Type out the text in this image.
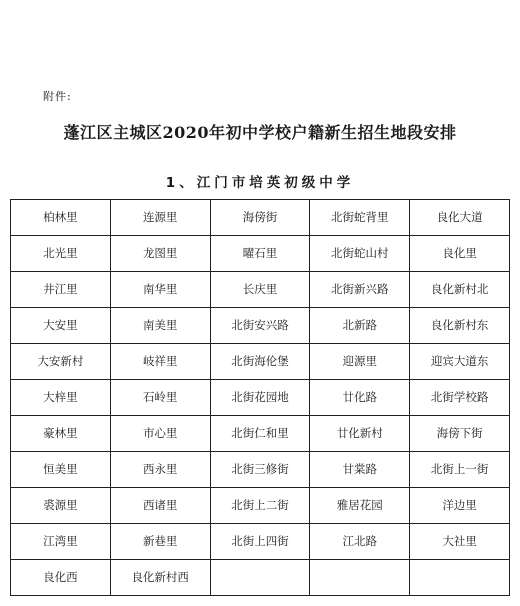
附件:
蓬江区主城区2020年初中学校户籍新生招生地段安排
1、江门市培英初级中学
柏林里	连源里	海傍街	北街蛇背里	良化大道
北光里	龙图里	曜石里	北街蛇山村	良化里
井江里	南华里	长庆里	北街新兴路	良化新村北
大安里	南美里	北街安兴路	北新路	良化新村东
大安新村	岐祥里	北街海伦堡	迎源里	迎宾大道东
大梓里	石岭里	北街花园地	廿化路	北街学校路
豪林里	市心里	北街仁和里	廿化新村	海傍下街
恒美里	西永里	北街三修街	甘棠路	北街上一街
裘源里	西诸里	北街上二街	雅居花园	洋边里
江湾里	新巷里	北街上四街	江北路	大社里
良化西	良化新村西			
